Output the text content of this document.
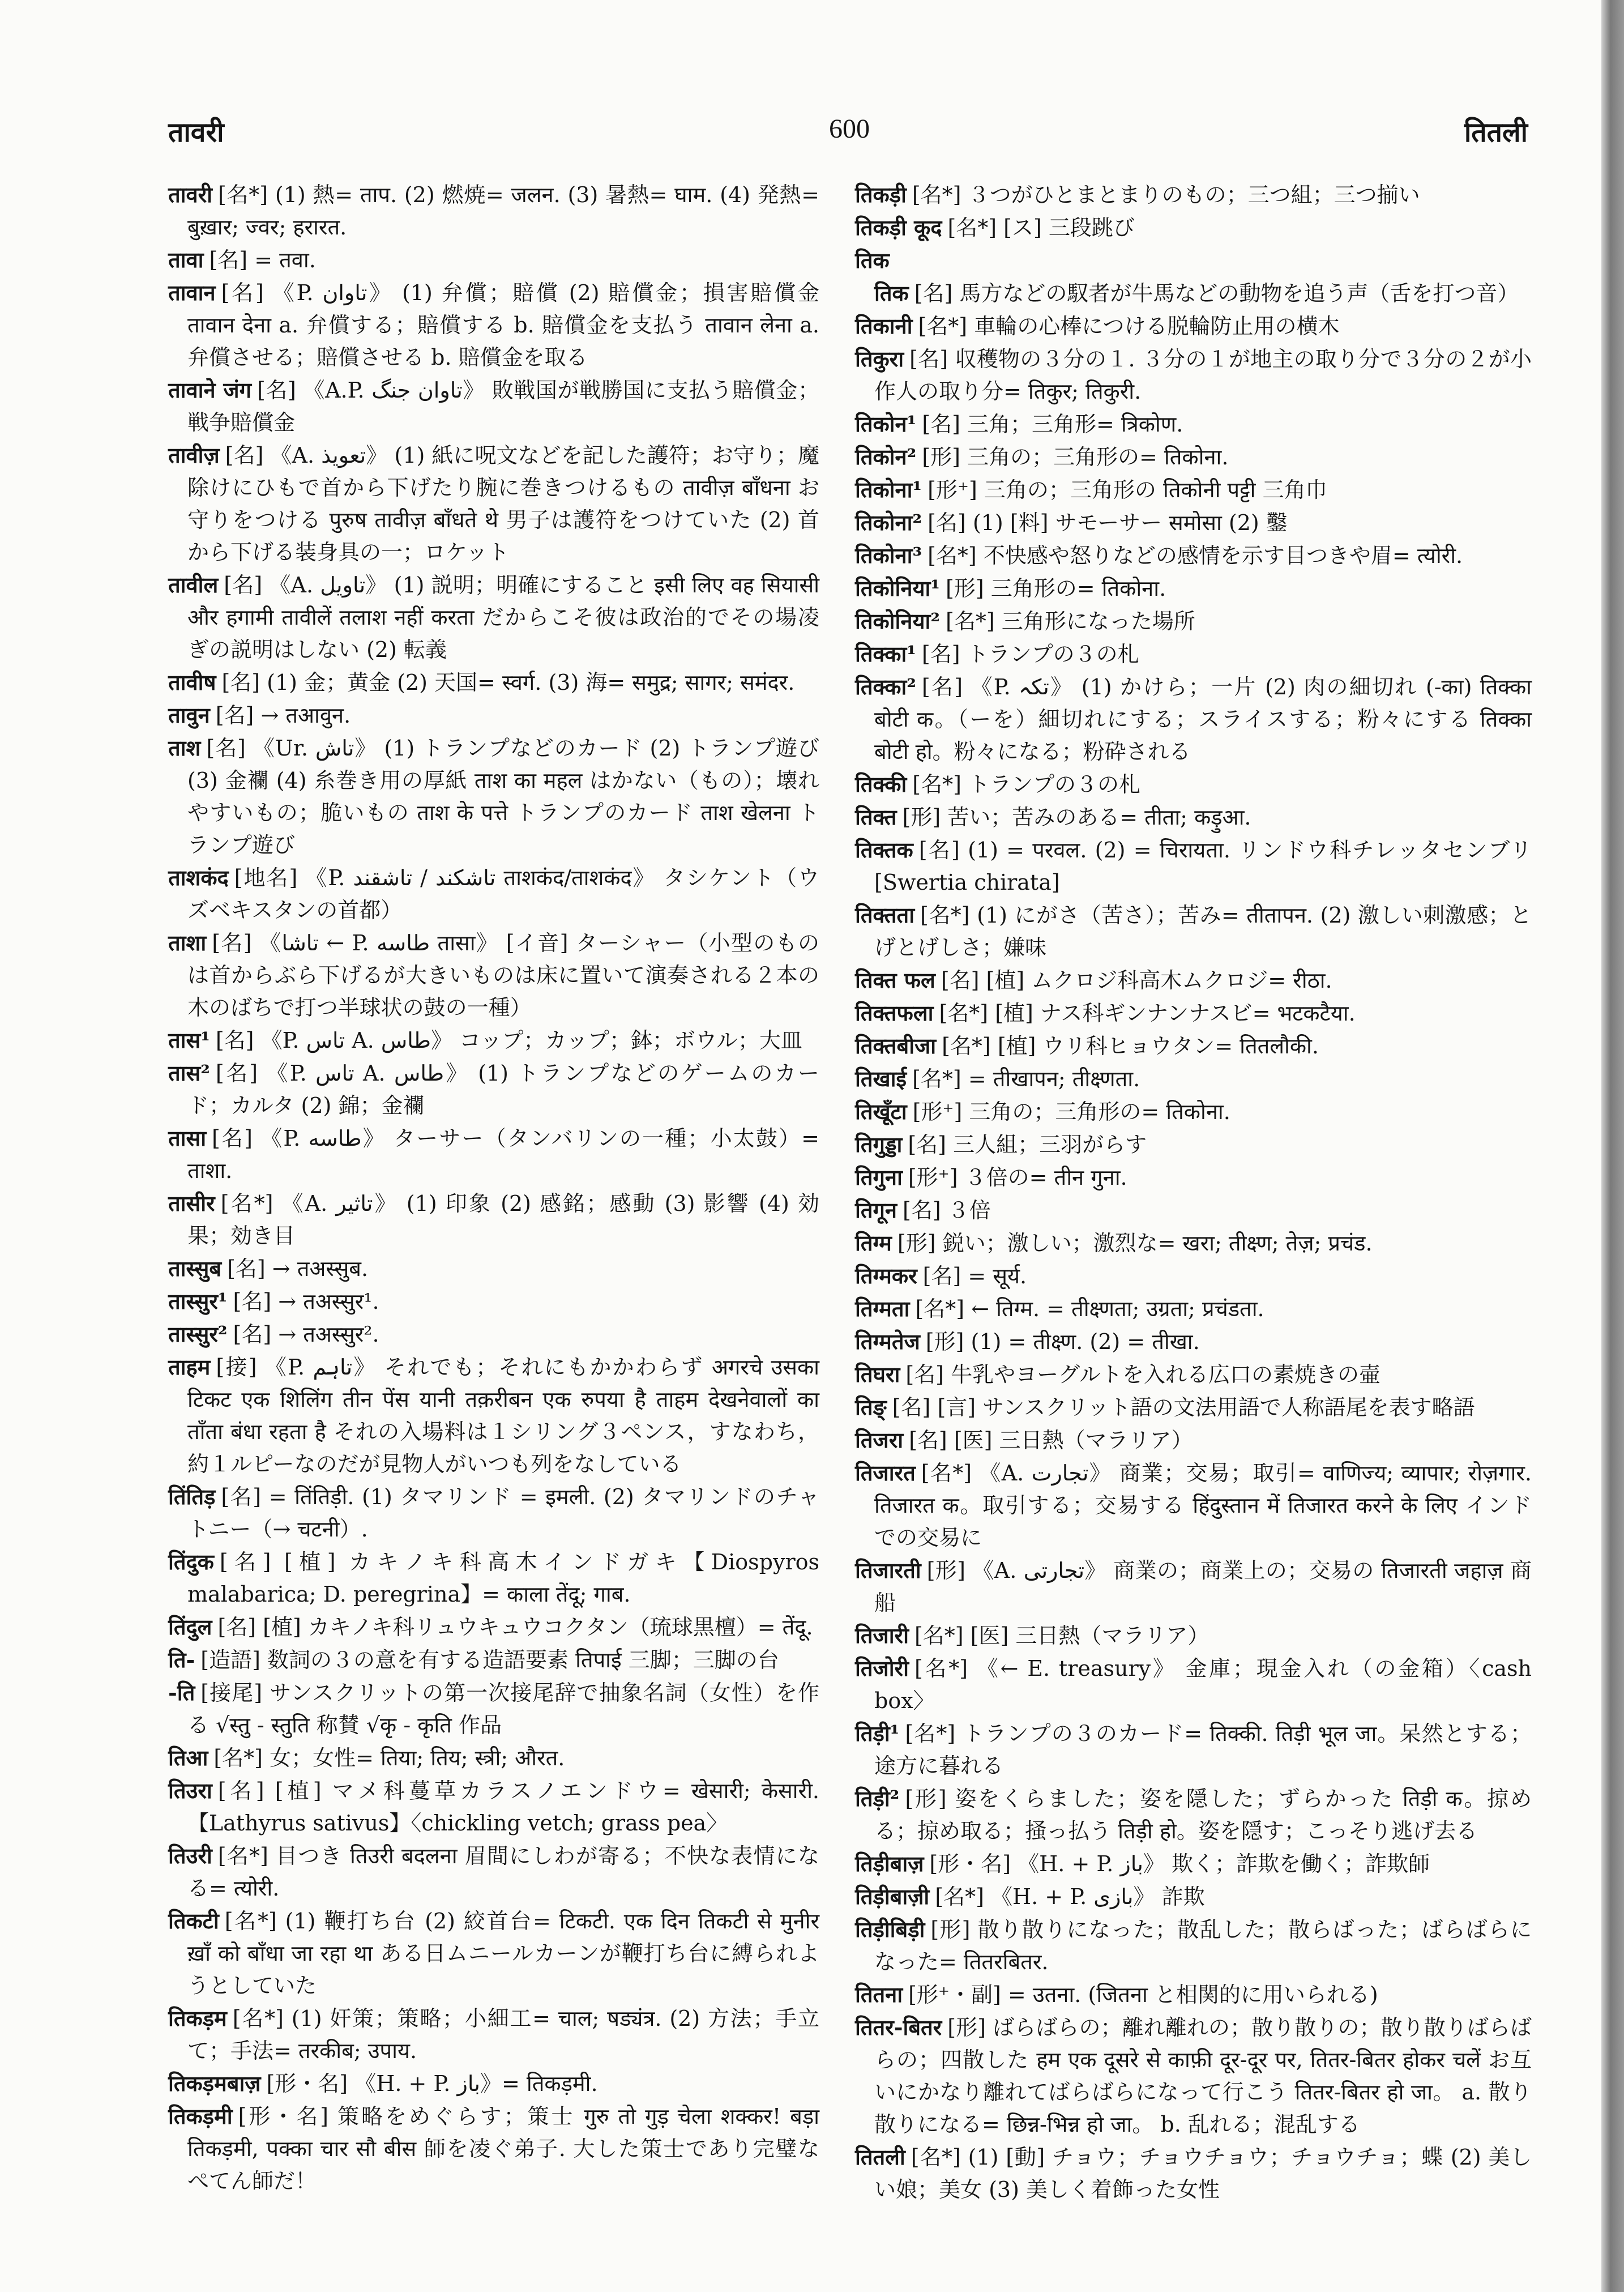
तावरी	600	तितली
तावरी [名*] (1) 熱= ताप. (2) 燃焼= जलन. (3) 暑熱= घाम. (4) 発熱= बुख़ार; ज्वर; हरारत.
तावा [名] = तवा.
तावान [名] 《P. تاوان》 (1) 弁償；賠償 (2) 賠償金；損害賠償金 तावान देना a. 弁償する；賠償する b. 賠償金を支払う तावान लेना a. 弁償させる；賠償させる b. 賠償金を取る
तावाने जंग [名] 《A.P. تاوان جنگ》 敗戦国が戦勝国に支払う賠償金；戦争賠償金
तावीज़ [名] 《A. تعویذ》 (1) 紙に呪文などを記した護符；お守り；魔除けにひもで首から下げたり腕に巻きつけるもの तावीज़ बाँधना お守りをつける पुरुष तावीज़ बाँधते थे 男子は護符をつけていた (2) 首から下げる装身具の一；ロケット
तावील [名] 《A. تاویل》 (1) 説明；明確にすること इसी लिए वह सियासी और हगामी तावीलें तलाश नहीं करता だからこそ彼は政治的でその場凌ぎの説明はしない (2) 転義
तावीष [名] (1) 金；黄金 (2) 天国= स्वर्ग. (3) 海= समुद्र; सागर; समंदर.
तावुन [名] → तआवुन.
ताश [名] 《Ur. تاش》 (1) トランプなどのカード (2) トランプ遊び (3) 金襴 (4) 糸巻き用の厚紙 ताश का महल はかない（もの）；壊れやすいもの；脆いもの ताश के पत्ते トランプのカード ताश खेलना トランプ遊び
ताशकंद [地名] 《P. تاشکند / تاشقند ताशकंद/ताशकंद》 タシケント（ウズベキスタンの首都）
ताशा [名] 《تاشا ← P. طاسه तासा》 [イ音] ターシャー（小型のものは首からぶら下げるが大きいものは床に置いて演奏される２本の木のばちで打つ半球状の鼓の一種）
तास¹ [名] 《P. تاس A. طاس》 コップ；カップ；鉢；ボウル；大皿
तास² [名] 《P. تاس A. طاس》 (1) トランプなどのゲームのカード；カルタ (2) 錦；金襴
तासा [名] 《P. طاسه》 ターサー（タンバリンの一種；小太鼓）= ताशा.
तासीर [名*] 《A. تاثیر》 (1) 印象 (2) 感銘；感動 (3) 影響 (4) 効果；効き目
तास्सुब [名] → तअस्सुब.
तास्सुर¹ [名] → तअस्सुर¹.
तास्सुर² [名] → तअस्सुर².
ताहम [接] 《P. تاہم》 それでも；それにもかかわらず अगरचे उसका टिकट एक शिलिंग तीन पेंस यानी तक़रीबन एक रुपया है ताहम देखनेवालों का ताँता बंधा रहता है それの入場料は１シリング３ペンス，すなわち，約１ルピーなのだが見物人がいつも列をなしている
तिंतिड़ [名] = तिंतिड़ी. (1) タマリンド = इमली. (2) タマリンドのチャトニー（→ चटनी）.
तिंदुक [名] [植] カキノキ科高木インドガキ【Diospyros malabarica; D. peregrina】= काला तेंदू; गाब.
तिंदुल [名] [植] カキノキ科リュウキュウコクタン（琉球黒檀）= तेंदू.
ति- [造語] 数詞の３の意を有する造語要素 तिपाई 三脚；三脚の台
-ति [接尾] サンスクリットの第一次接尾辞で抽象名詞（女性）を作る √स्तु - स्तुति 称賛 √कृ - कृति 作品
तिआ [名*] 女；女性= तिया; तिय; स्त्री; औरत.
तिउरा [名] [植] マメ科蔓草カラスノエンドウ= खेसारी; केसारी. 【Lathyrus sativus】〈chickling vetch; grass pea〉
तिउरी [名*] 目つき तिउरी बदलना 眉間にしわが寄る；不快な表情になる= त्योरी.
तिकटी [名*] (1) 鞭打ち台 (2) 絞首台= टिकटी. एक दिन तिकटी से मुनीर ख़ाँ को बाँधा जा रहा था ある日ムニールカーンが鞭打ち台に縛られようとしていた
तिकड़म [名*] (1) 奸策；策略；小細工= चाल; षड्यंत्र. (2) 方法；手立て；手法= तरकीब; उपाय.
तिकड़मबाज़ [形・名] 《H. + P. باز》= तिकड़मी.
तिकड़मी [形・名] 策略をめぐらす；策士 गुरु तो गुड़ चेला शक्कर! बड़ा तिकड़मी, पक्का चार सौ बीस 師を凌ぐ弟子. 大した策士であり完璧なぺてん師だ！
तिकड़ी [名*] ３つがひとまとまりのもの；三つ組；三つ揃い
तिकड़ी कूद [名*] [ス] 三段跳び
तिक तिक [名] 馬方などの馭者が牛馬などの動物を追う声（舌を打つ音）
तिकानी [名*] 車輪の心棒につける脱輪防止用の横木
तिकुरा [名] 収穫物の３分の１. ３分の１が地主の取り分で３分の２が小作人の取り分= तिकुर; तिकुरी.
तिकोन¹ [名] 三角；三角形= त्रिकोण.
तिकोन² [形] 三角の；三角形の= तिकोना.
तिकोना¹ [形⁺] 三角の；三角形の तिकोनी पट्टी 三角巾
तिकोना² [名] (1) [料] サモーサー समोसा (2) 鑿
तिकोना³ [名*] 不快感や怒りなどの感情を示す目つきや眉= त्योरी.
तिकोनिया¹ [形] 三角形の= तिकोना.
तिकोनिया² [名*] 三角形になった場所
तिक्का¹ [名] トランプの３の札
तिक्का² [名] 《P. تکہ》 (1) かけら；一片 (2) 肉の細切れ (-का) तिक्का बोटी क。（ーを）細切れにする；スライスする；粉々にする तिक्का बोटी हो。粉々になる；粉砕される
तिक्की [名*] トランプの３の札
तिक्त [形] 苦い；苦みのある= तीता; कड़ुआ.
तिक्तक [名] (1) = परवल. (2) = चिरायता. リンドウ科チレッタセンブリ [Swertia chirata]
तिक्तता [名*] (1) にがさ（苦さ）；苦み= तीतापन. (2) 激しい刺激感；とげとげしさ；嫌味
तिक्त फल [名] [植] ムクロジ科高木ムクロジ= रीठा.
तिक्तफला [名*] [植] ナス科ギンナンナスビ= भटकटैया.
तिक्तबीजा [名*] [植] ウリ科ヒョウタン= तितलौकी.
तिखाई [名*] = तीखापन; तीक्ष्णता.
तिखूँटा [形⁺] 三角の；三角形の= तिकोना.
तिगुड्डा [名] 三人組；三羽がらす
तिगुना [形⁺] ３倍の= तीन गुना.
तिगून [名] ３倍
तिग्म [形] 鋭い；激しい；激烈な= खरा; तीक्ष्ण; तेज़; प्रचंड.
तिग्मकर [名] = सूर्य.
तिग्मता [名*] ← तिग्म. = तीक्ष्णता; उग्रता; प्रचंडता.
तिग्मतेज [形] (1) = तीक्ष्ण. (2) = तीखा.
तिघरा [名] 牛乳やヨーグルトを入れる広口の素焼きの壷
तिङ् [名] [言] サンスクリット語の文法用語で人称語尾を表す略語
तिजरा [名] [医] 三日熱（マラリア）
तिजारत [名*] 《A. تجارت》 商業；交易；取引= वाणिज्य; व्यापार; रोज़गार. तिजारत क。取引する；交易する हिंदुस्तान में तिजारत करने के लिए インドでの交易に
तिजारती [形] 《A. تجارتی》 商業の；商業上の；交易の तिजारती जहाज़ 商船
तिजारी [名*] [医] 三日熱（マラリア）
तिजोरी [名*] 《← E. treasury》 金庫；現金入れ（の金箱）〈cash box〉
तिड़ी¹ [名*] トランプの３のカード= तिक्की. तिड़ी भूल जा。呆然とする；途方に暮れる
तिड़ी² [形] 姿をくらました；姿を隠した；ずらかった तिड़ी क。掠める；掠め取る；掻っ払う तिड़ी हो。姿を隠す；こっそり逃げ去る
तिड़ीबाज़ [形・名] 《H. + P. باز》 欺く；詐欺を働く；詐欺師
तिड़ीबाज़ी [名*] 《H. + P. بازی》 詐欺
तिड़ीबिड़ी [形] 散り散りになった；散乱した；散らばった；ばらばらになった= तितरबितर.
तितना [形⁺・副] = उतना. (जितना と相関的に用いられる)
तितर-बितर [形] ばらばらの；離れ離れの；散り散りの；散り散りばらばらの；四散した हम एक दूसरे से काफ़ी दूर-दूर पर, तितर-बितर होकर चलें お互いにかなり離れてばらばらになって行こう तितर-बितर हो जा。 a. 散り散りになる= छिन्न-भिन्न हो जा。 b. 乱れる；混乱する
तितली [名*] (1) [動] チョウ；チョウチョウ；チョウチョ；蝶 (2) 美しい娘；美女 (3) 美しく着飾った女性
